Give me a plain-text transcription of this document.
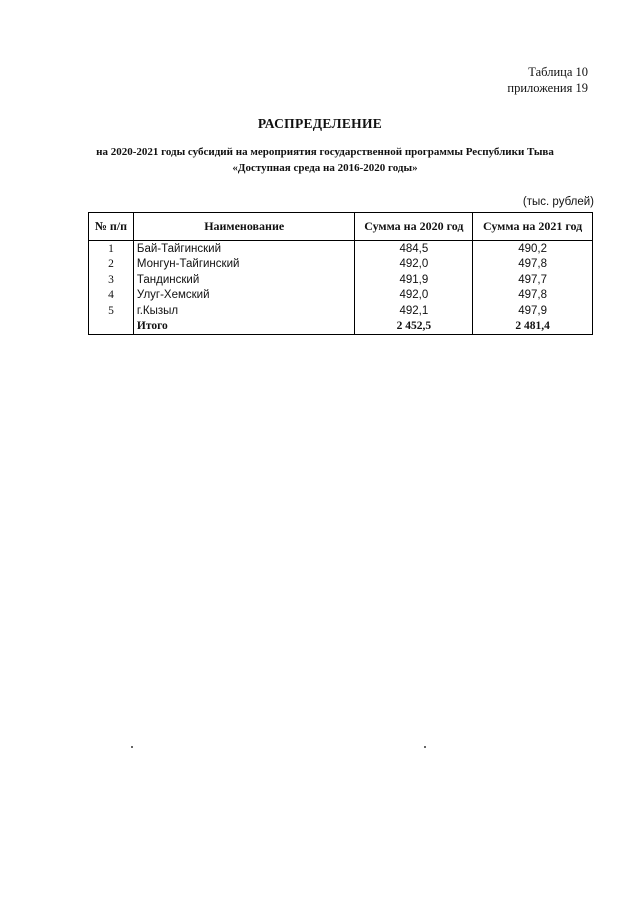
Таблица 10
приложения 19
РАСПРЕДЕЛЕНИЕ
на 2020-2021 годы субсидий на мероприятия государственной программы Республики Тыва
«Доступная среда на 2016-2020 годы»
(тыс. рублей)
№ п/п	Наименование	Сумма на 2020 год	Сумма на 2021 год
1	Бай-Тайгинский	484,5	490,2
2	Монгун-Тайгинский	492,0	497,8
3	Тандинский	491,9	497,7
4	Улуг-Хемский	492,0	497,8
5	г.Кызыл	492,1	497,9
	Итого	2 452,5	2 481,4
